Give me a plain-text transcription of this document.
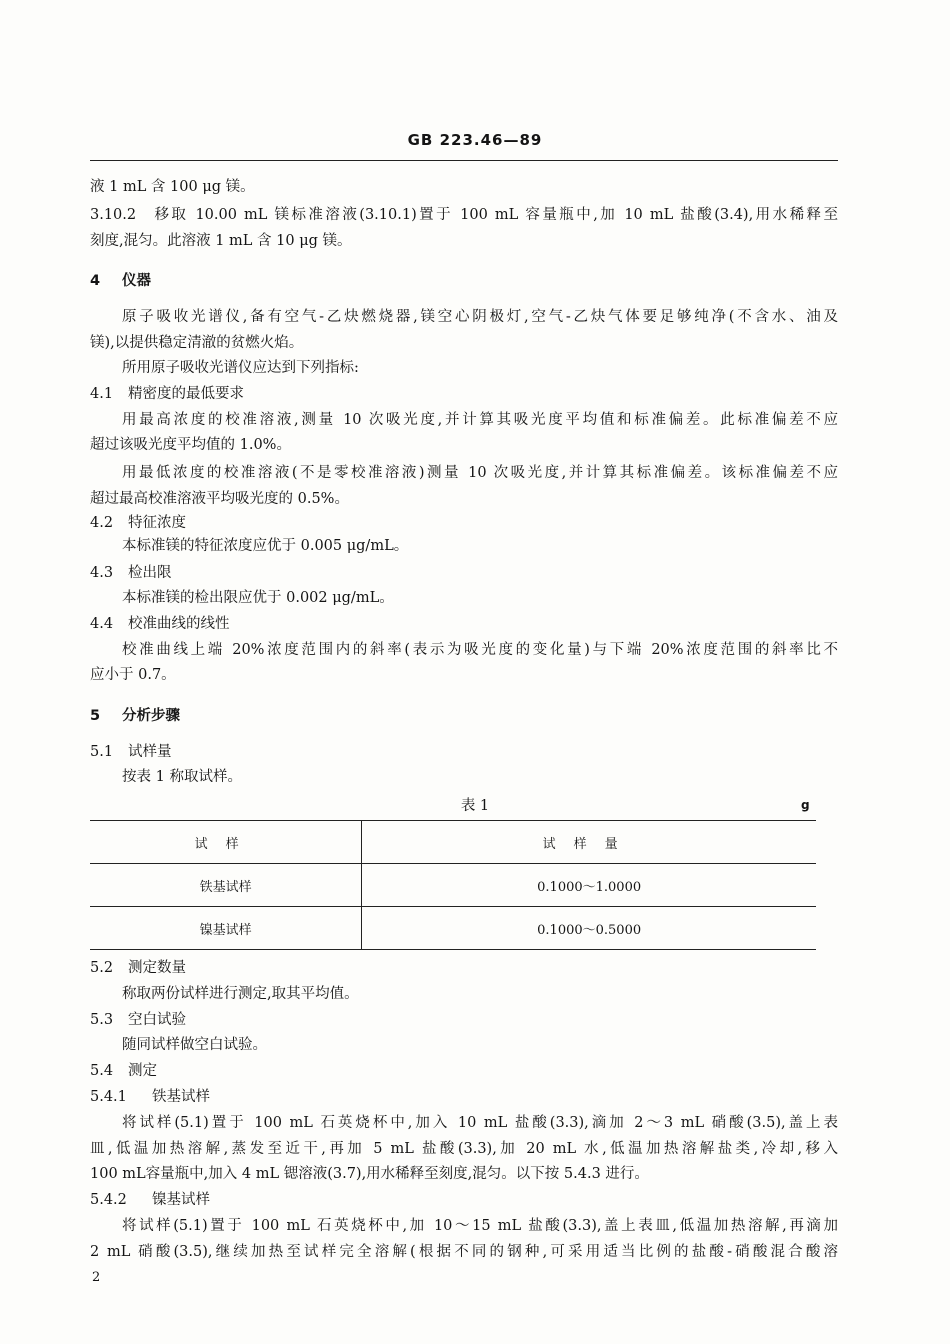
GB 223.46—89
液 1 mL 含 100 μg 镁。
3.10.2 移取 10.00 mL 镁标准溶液(3.10.1)置于 100 mL 容量瓶中,加 10 mL 盐酸(3.4),用水稀释至
刻度,混匀。此溶液 1 mL 含 10 μg 镁。
4 仪器
原子吸收光谱仪,备有空气-乙炔燃烧器,镁空心阴极灯,空气-乙炔气体要足够纯净(不含水、油及
镁),以提供稳定清澈的贫燃火焰。
所用原子吸收光谱仪应达到下列指标:
4.1 精密度的最低要求
用最高浓度的校准溶液,测量 10 次吸光度,并计算其吸光度平均值和标准偏差。此标准偏差不应
超过该吸光度平均值的 1.0%。
用最低浓度的校准溶液(不是零校准溶液)测量 10 次吸光度,并计算其标准偏差。该标准偏差不应
超过最高校准溶液平均吸光度的 0.5%。
4.2 特征浓度
本标准镁的特征浓度应优于 0.005 μg/mL。
4.3 检出限
本标准镁的检出限应优于 0.002 μg/mL。
4.4 校准曲线的线性
校准曲线上端 20%浓度范围内的斜率(表示为吸光度的变化量)与下端 20%浓度范围的斜率比不
应小于 0.7。
5 分析步骤
5.1 试样量
按表 1 称取试样。
表 1	g
试样	试样量
铁基试样	0.1000～1.0000
镍基试样	0.1000～0.5000
5.2 测定数量
称取两份试样进行测定,取其平均值。
5.3 空白试验
随同试样做空白试验。
5.4 测定
5.4.1 铁基试样
将试样(5.1)置于 100 mL 石英烧杯中,加入 10 mL 盐酸(3.3),滴加 2～3 mL 硝酸(3.5),盖上表
皿,低温加热溶解,蒸发至近干,再加 5 mL 盐酸(3.3),加 20 mL 水,低温加热溶解盐类,冷却,移入
100 mL容量瓶中,加入 4 mL 锶溶液(3.7),用水稀释至刻度,混匀。以下按 5.4.3 进行。
5.4.2 镍基试样
将试样(5.1)置于 100 mL 石英烧杯中,加 10～15 mL 盐酸(3.3),盖上表皿,低温加热溶解,再滴加
2 mL 硝酸(3.5),继续加热至试样完全溶解(根据不同的钢种,可采用适当比例的盐酸-硝酸混合酸溶
2
